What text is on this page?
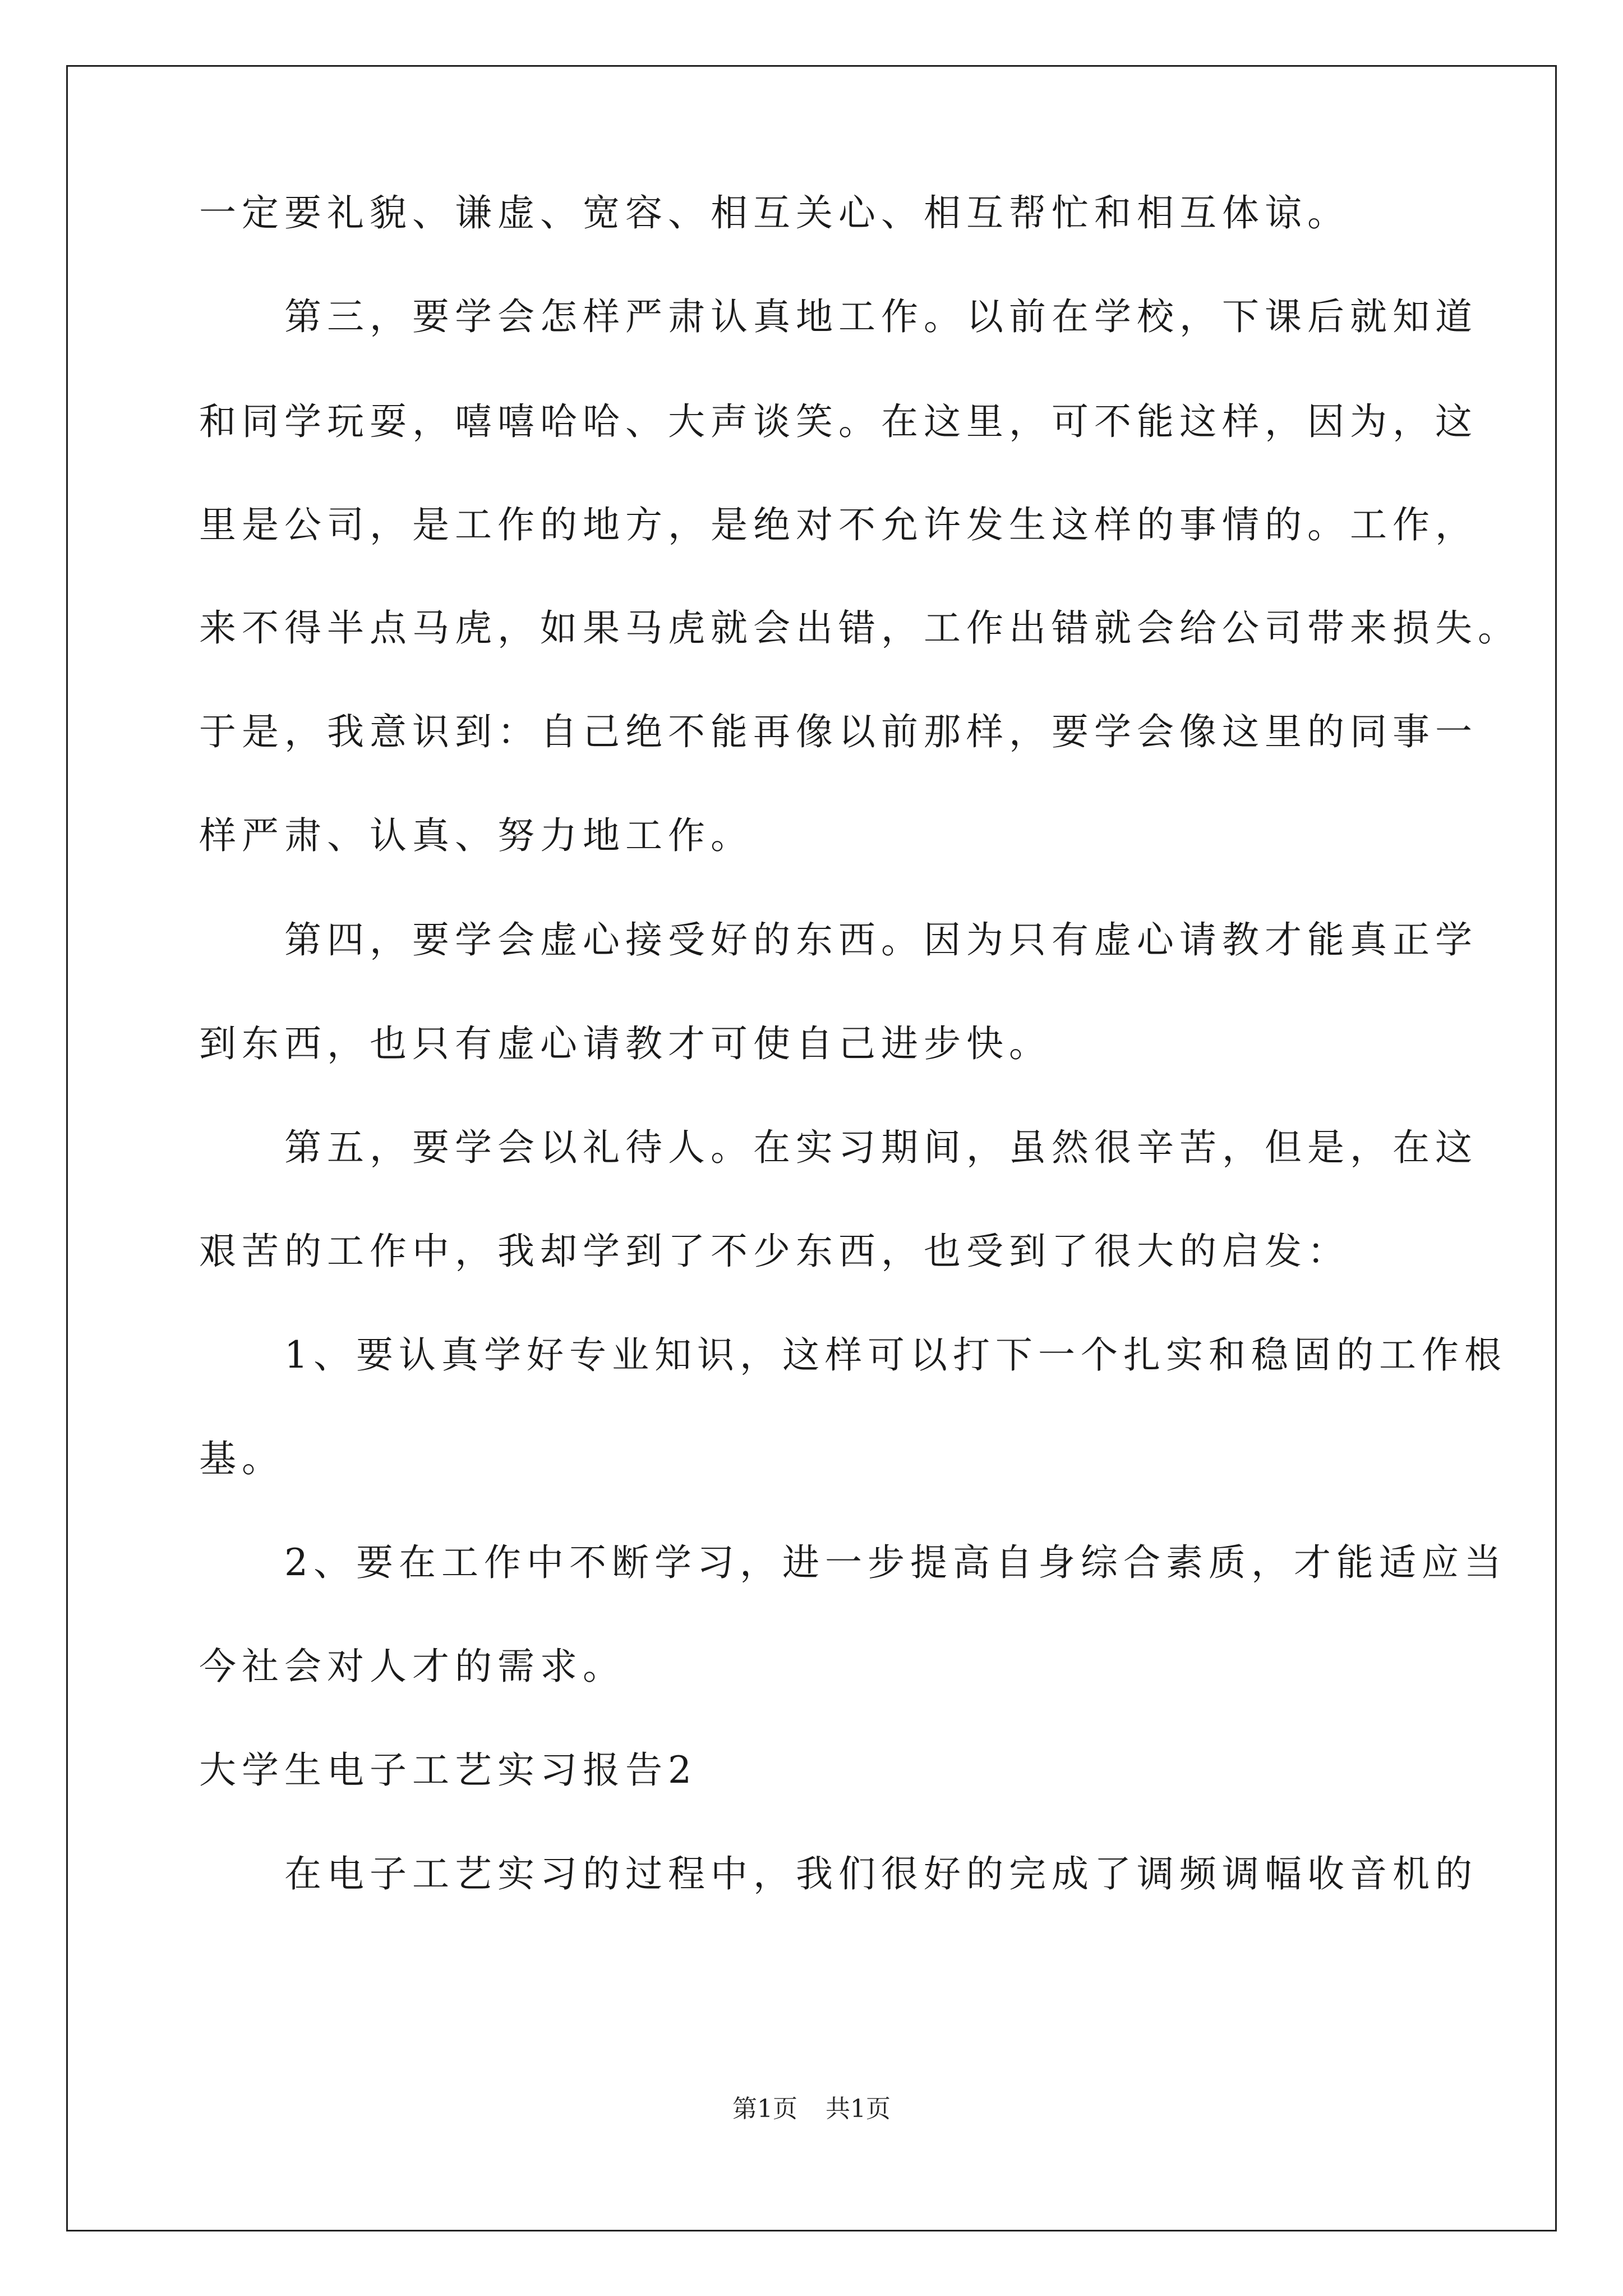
一定要礼貌、谦虚、宽容、相互关心、相互帮忙和相互体谅。
　　第三，要学会怎样严肃认真地工作。以前在学校，下课后就知道
和同学玩耍，嘻嘻哈哈、大声谈笑。在这里，可不能这样，因为，这
里是公司，是工作的地方，是绝对不允许发生这样的事情的。工作，
来不得半点马虎，如果马虎就会出错，工作出错就会给公司带来损失。
于是，我意识到：自己绝不能再像以前那样，要学会像这里的同事一
样严肃、认真、努力地工作。
　　第四，要学会虚心接受好的东西。因为只有虚心请教才能真正学
到东西，也只有虚心请教才可使自己进步快。
　　第五，要学会以礼待人。在实习期间，虽然很辛苦，但是，在这
艰苦的工作中，我却学到了不少东西，也受到了很大的启发：
　　1、要认真学好专业知识，这样可以打下一个扎实和稳固的工作根
基。
　　2、要在工作中不断学习，进一步提高自身综合素质，才能适应当
今社会对人才的需求。
大学生电子工艺实习报告2
　　在电子工艺实习的过程中，我们很好的完成了调频调幅收音机的
第1页 共1页
